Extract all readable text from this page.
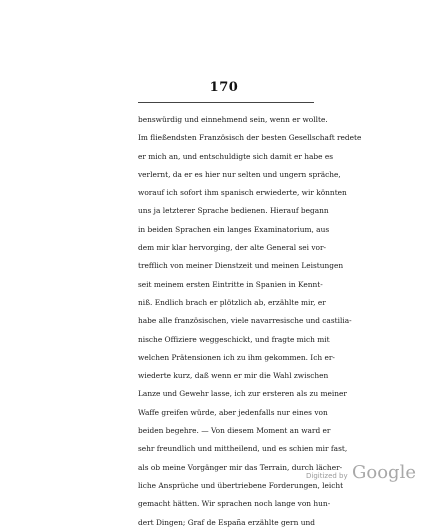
170
benswürdig und einnehmend sein, wenn er wollte.
Im fließendsten Französisch der besten Gesellschaft redete
er mich an, und entschuldigte sich damit er habe es
verlernt, da er es hier nur selten und ungern spräche,
worauf ich sofort ihm spanisch erwiederte, wir könnten
uns ja letzterer Sprache bedienen. Hierauf begann
in beiden Sprachen ein langes Examinatorium, aus
dem mir klar hervorging, der alte General sei vor-
trefflich von meiner Dienstzeit und meinen Leistungen
seit meinem ersten Eintritte in Spanien in Kennt-
niß. Endlich brach er plötzlich ab, erzählte mir, er
habe alle französischen, viele navarresische und castilia-
nische Offiziere weggeschickt, und fragte mich mit
welchen Prätensionen ich zu ihm gekommen. Ich er-
wiederte kurz, daß wenn er mir die Wahl zwischen
Lanze und Gewehr lasse, ich zur ersteren als zu meiner
Waffe greifen würde, aber jedenfalls nur eines von
beiden begehre. — Von diesem Moment an ward er
sehr freundlich und mittheilend, und es schien mir fast,
als ob meine Vorgänger mir das Terrain, durch lächer-
liche Ansprüche und übertriebene Forderungen, leicht
gemacht hätten. Wir sprachen noch lange von hun-
dert Dingen; Graf de España erzählte gern und
Digitized by Google
